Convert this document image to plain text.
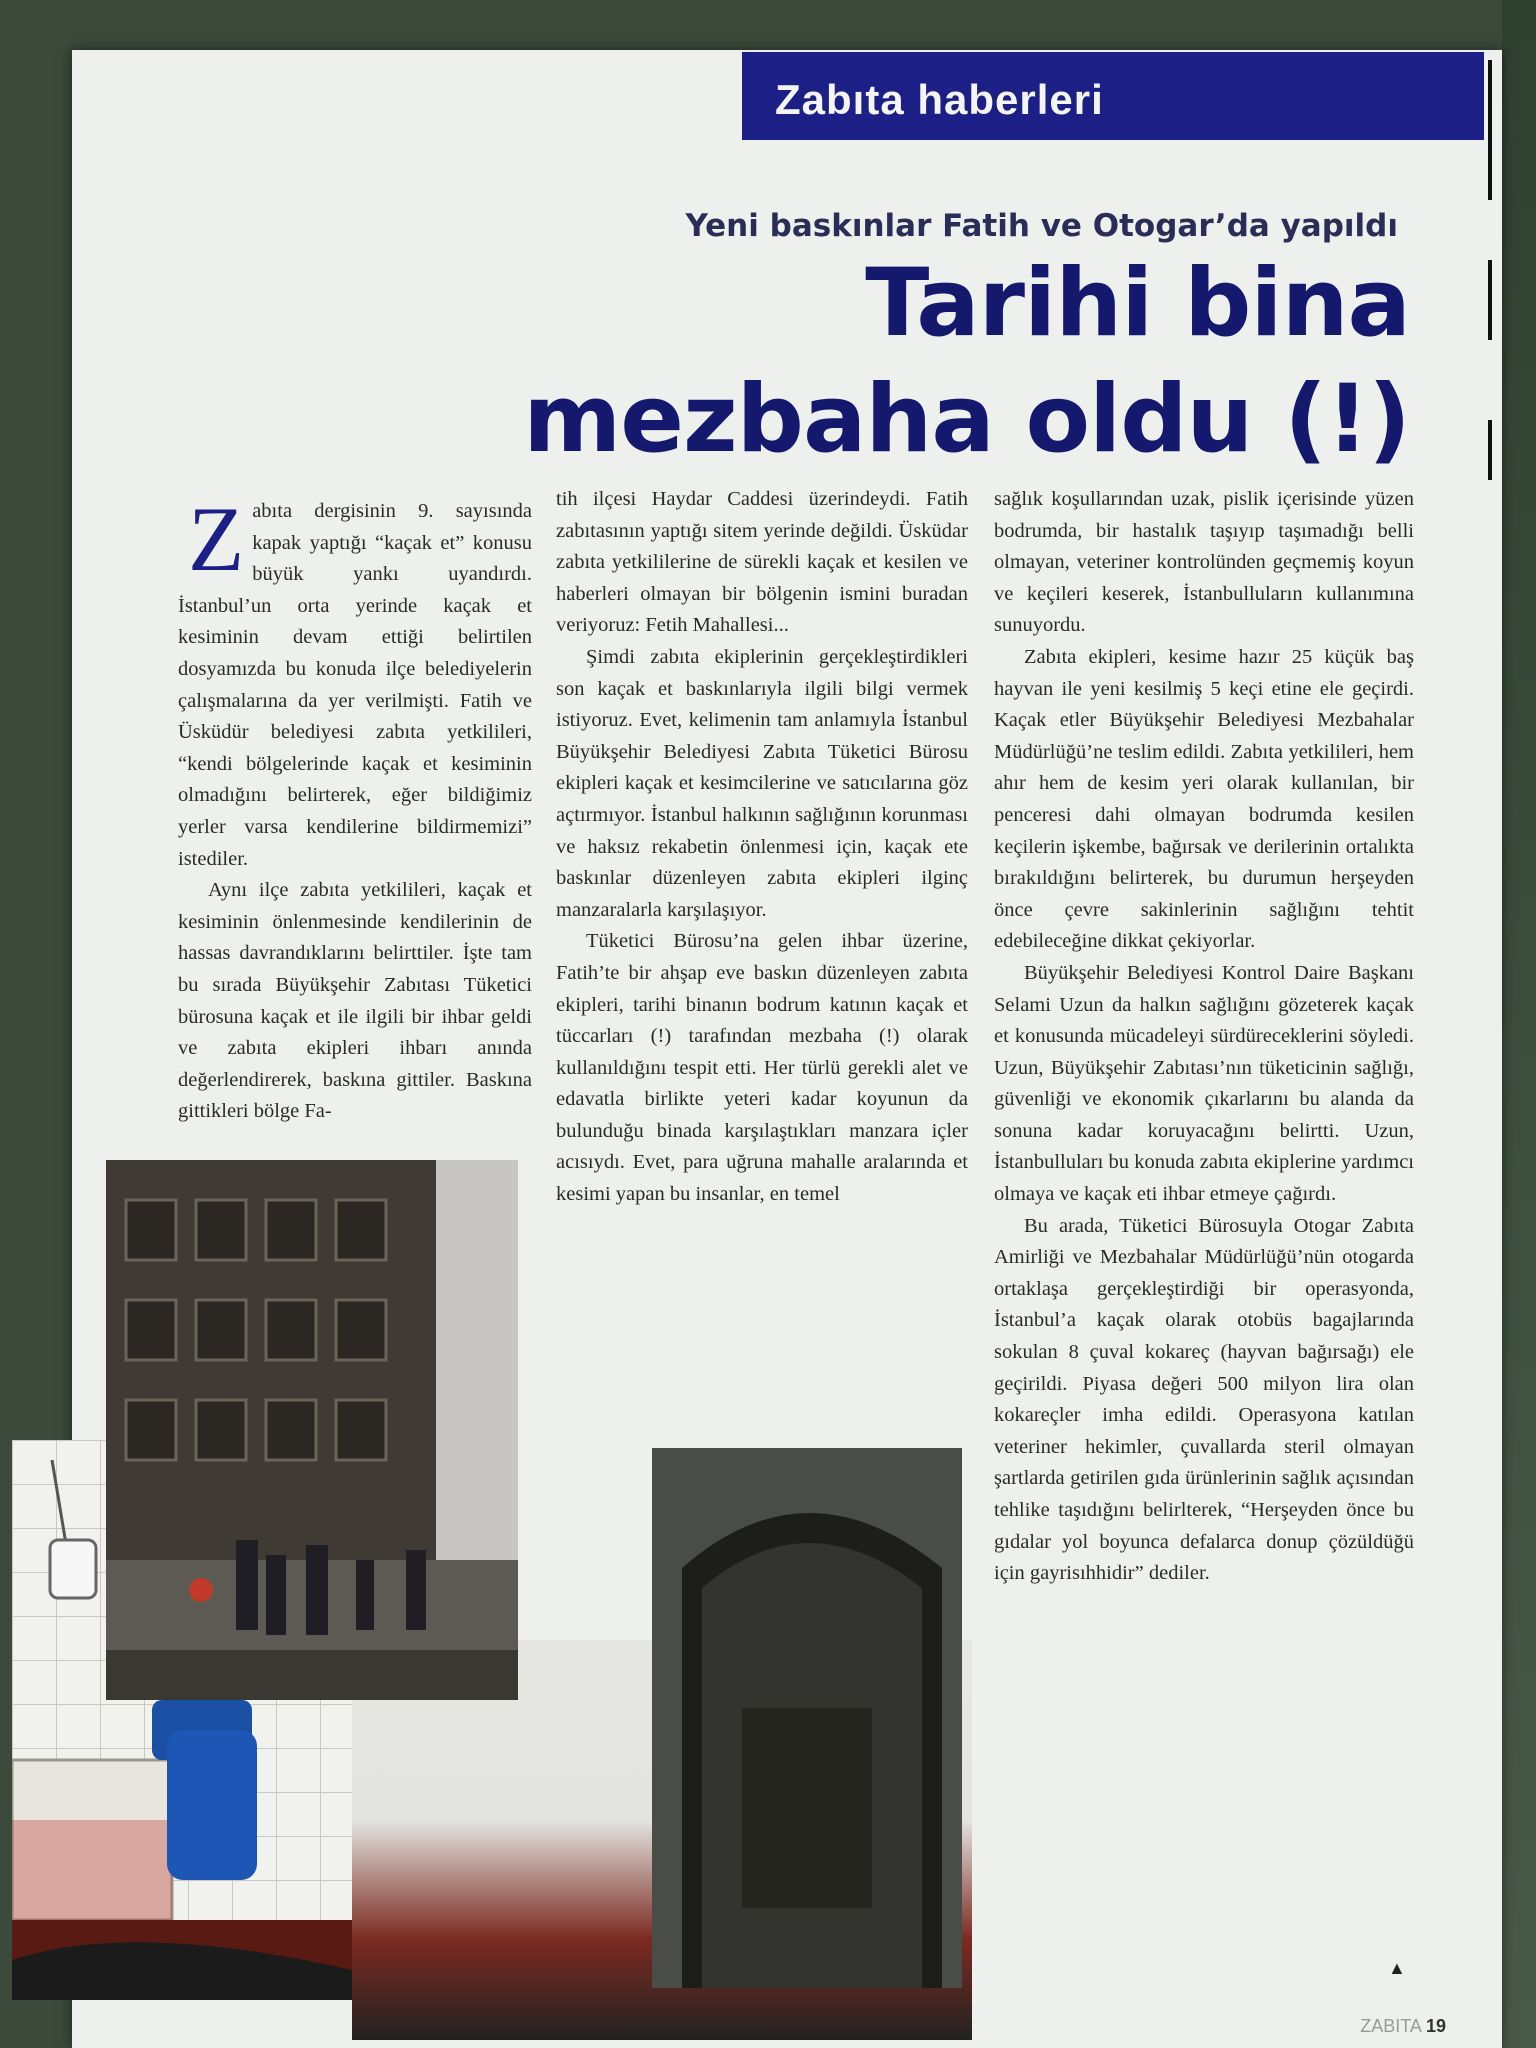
Zabıta haberleri

Yeni baskınlar Fatih ve Otogar’da yapıldı
Tarihi bina
mezbaha oldu (!)
Z abıta dergisinin 9. sayısında kapak yaptığı “kaçak et” konusu büyük yankı uyandırdı. İstanbul’un orta yerinde kaçak et kesiminin devam ettiği belirtilen dosyamızda bu konuda ilçe belediyelerin çalışmalarına da yer verilmişti. Fatih ve Üsküdür belediyesi zabıta yetkilileri, “kendi bölgelerinde kaçak et kesiminin olmadığını belirterek, eğer bildiğimiz yerler varsa kendilerine bildirmemizi” istediler.

Aynı ilçe zabıta yetkilileri, kaçak et kesiminin önlenmesinde kendilerinin de hassas davrandıklarını belirttiler. İşte tam bu sırada Büyükşehir Zabıtası Tüketici bürosuna kaçak et ile ilgili bir ihbar geldi ve zabıta ekipleri ihbarı anında değerlendirerek, baskına gittiler. Baskına gittikleri bölge Fa-

tih ilçesi Haydar Caddesi üzerindeydi. Fatih zabıtasının yaptığı sitem yerinde değildi. Üsküdar zabıta yetkililerine de sürekli kaçak et kesilen ve haberleri olmayan bir bölgenin ismini buradan veriyoruz: Fetih Mahallesi...

Şimdi zabıta ekiplerinin gerçekleştirdikleri son kaçak et baskınlarıyla ilgili bilgi vermek istiyoruz. Evet, kelimenin tam anlamıyla İstanbul Büyükşehir Belediyesi Zabıta Tüketici Bürosu ekipleri kaçak et kesimcilerine ve satıcılarına göz açtırmıyor. İstanbul halkının sağlığının korunması ve haksız rekabetin önlenmesi için, kaçak ete baskınlar düzenleyen zabıta ekipleri ilginç manzaralarla karşılaşıyor.

Tüketici Bürosu’na gelen ihbar üzerine, Fatih’te bir ahşap eve baskın düzenleyen zabıta ekipleri, tarihi binanın bodrum katının kaçak et tüccarları (!) tarafından mezbaha (!) olarak kullanıldığını tespit etti. Her türlü gerekli alet ve edavatla birlikte yeteri kadar koyunun da bulunduğu binada karşılaştıkları manzara içler acısıydı. Evet, para uğruna mahalle aralarında et kesimi yapan bu insanlar, en temel

sağlık koşullarından uzak, pislik içerisinde yüzen bodrumda, bir hastalık taşıyıp taşımadığı belli olmayan, veteriner kontrolünden geçmemiş koyun ve keçileri keserek, İstanbulluların kullanımına sunuyordu.

Zabıta ekipleri, kesime hazır 25 küçük baş hayvan ile yeni kesilmiş 5 keçi etine ele geçirdi. Kaçak etler Büyükşehir Belediyesi Mezbahalar Müdürlüğü’ne teslim edildi. Zabıta yetkilileri, hem ahır hem de kesim yeri olarak kullanılan, bir penceresi dahi olmayan bodrumda kesilen keçilerin işkembe, bağırsak ve derilerinin ortalıkta bırakıldığını belirterek, bu durumun herşeyden önce çevre sakinlerinin sağlığını tehtit edebileceğine dikkat çekiyorlar.

Büyükşehir Belediyesi Kontrol Daire Başkanı Selami Uzun da halkın sağlığını gözeterek kaçak et konusunda mücadeleyi sürdüreceklerini söyledi. Uzun, Büyükşehir Zabıtası’nın tüketicinin sağlığı, güvenliği ve ekonomik çıkarlarını bu alanda da sonuna kadar koruyacağını belirtti. Uzun, İstanbulluları bu konuda zabıta ekiplerine yardımcı olmaya ve kaçak eti ihbar etmeye çağırdı.

Bu arada, Tüketici Bürosuyla Otogar Zabıta Amirliği ve Mezbahalar Müdürlüğü’nün otogarda ortaklaşa gerçekleştirdiği bir operasyonda, İstanbul’a kaçak olarak otobüs bagajlarında sokulan 8 çuval kokareç (hayvan bağırsağı) ele geçirildi. Piyasa değeri 500 milyon lira olan kokareçler imha edildi. Operasyona katılan veteriner hekimler, çuvallarda steril olmayan şartlarda getirilen gıda ürünlerinin sağlık açısından tehlike taşıdığını belirlterek, “Herşeyden önce bu gıdalar yol boyunca defalarca donup çözüldüğü için gayrisıhhidir” dediler.

▲
ZABITA 19
